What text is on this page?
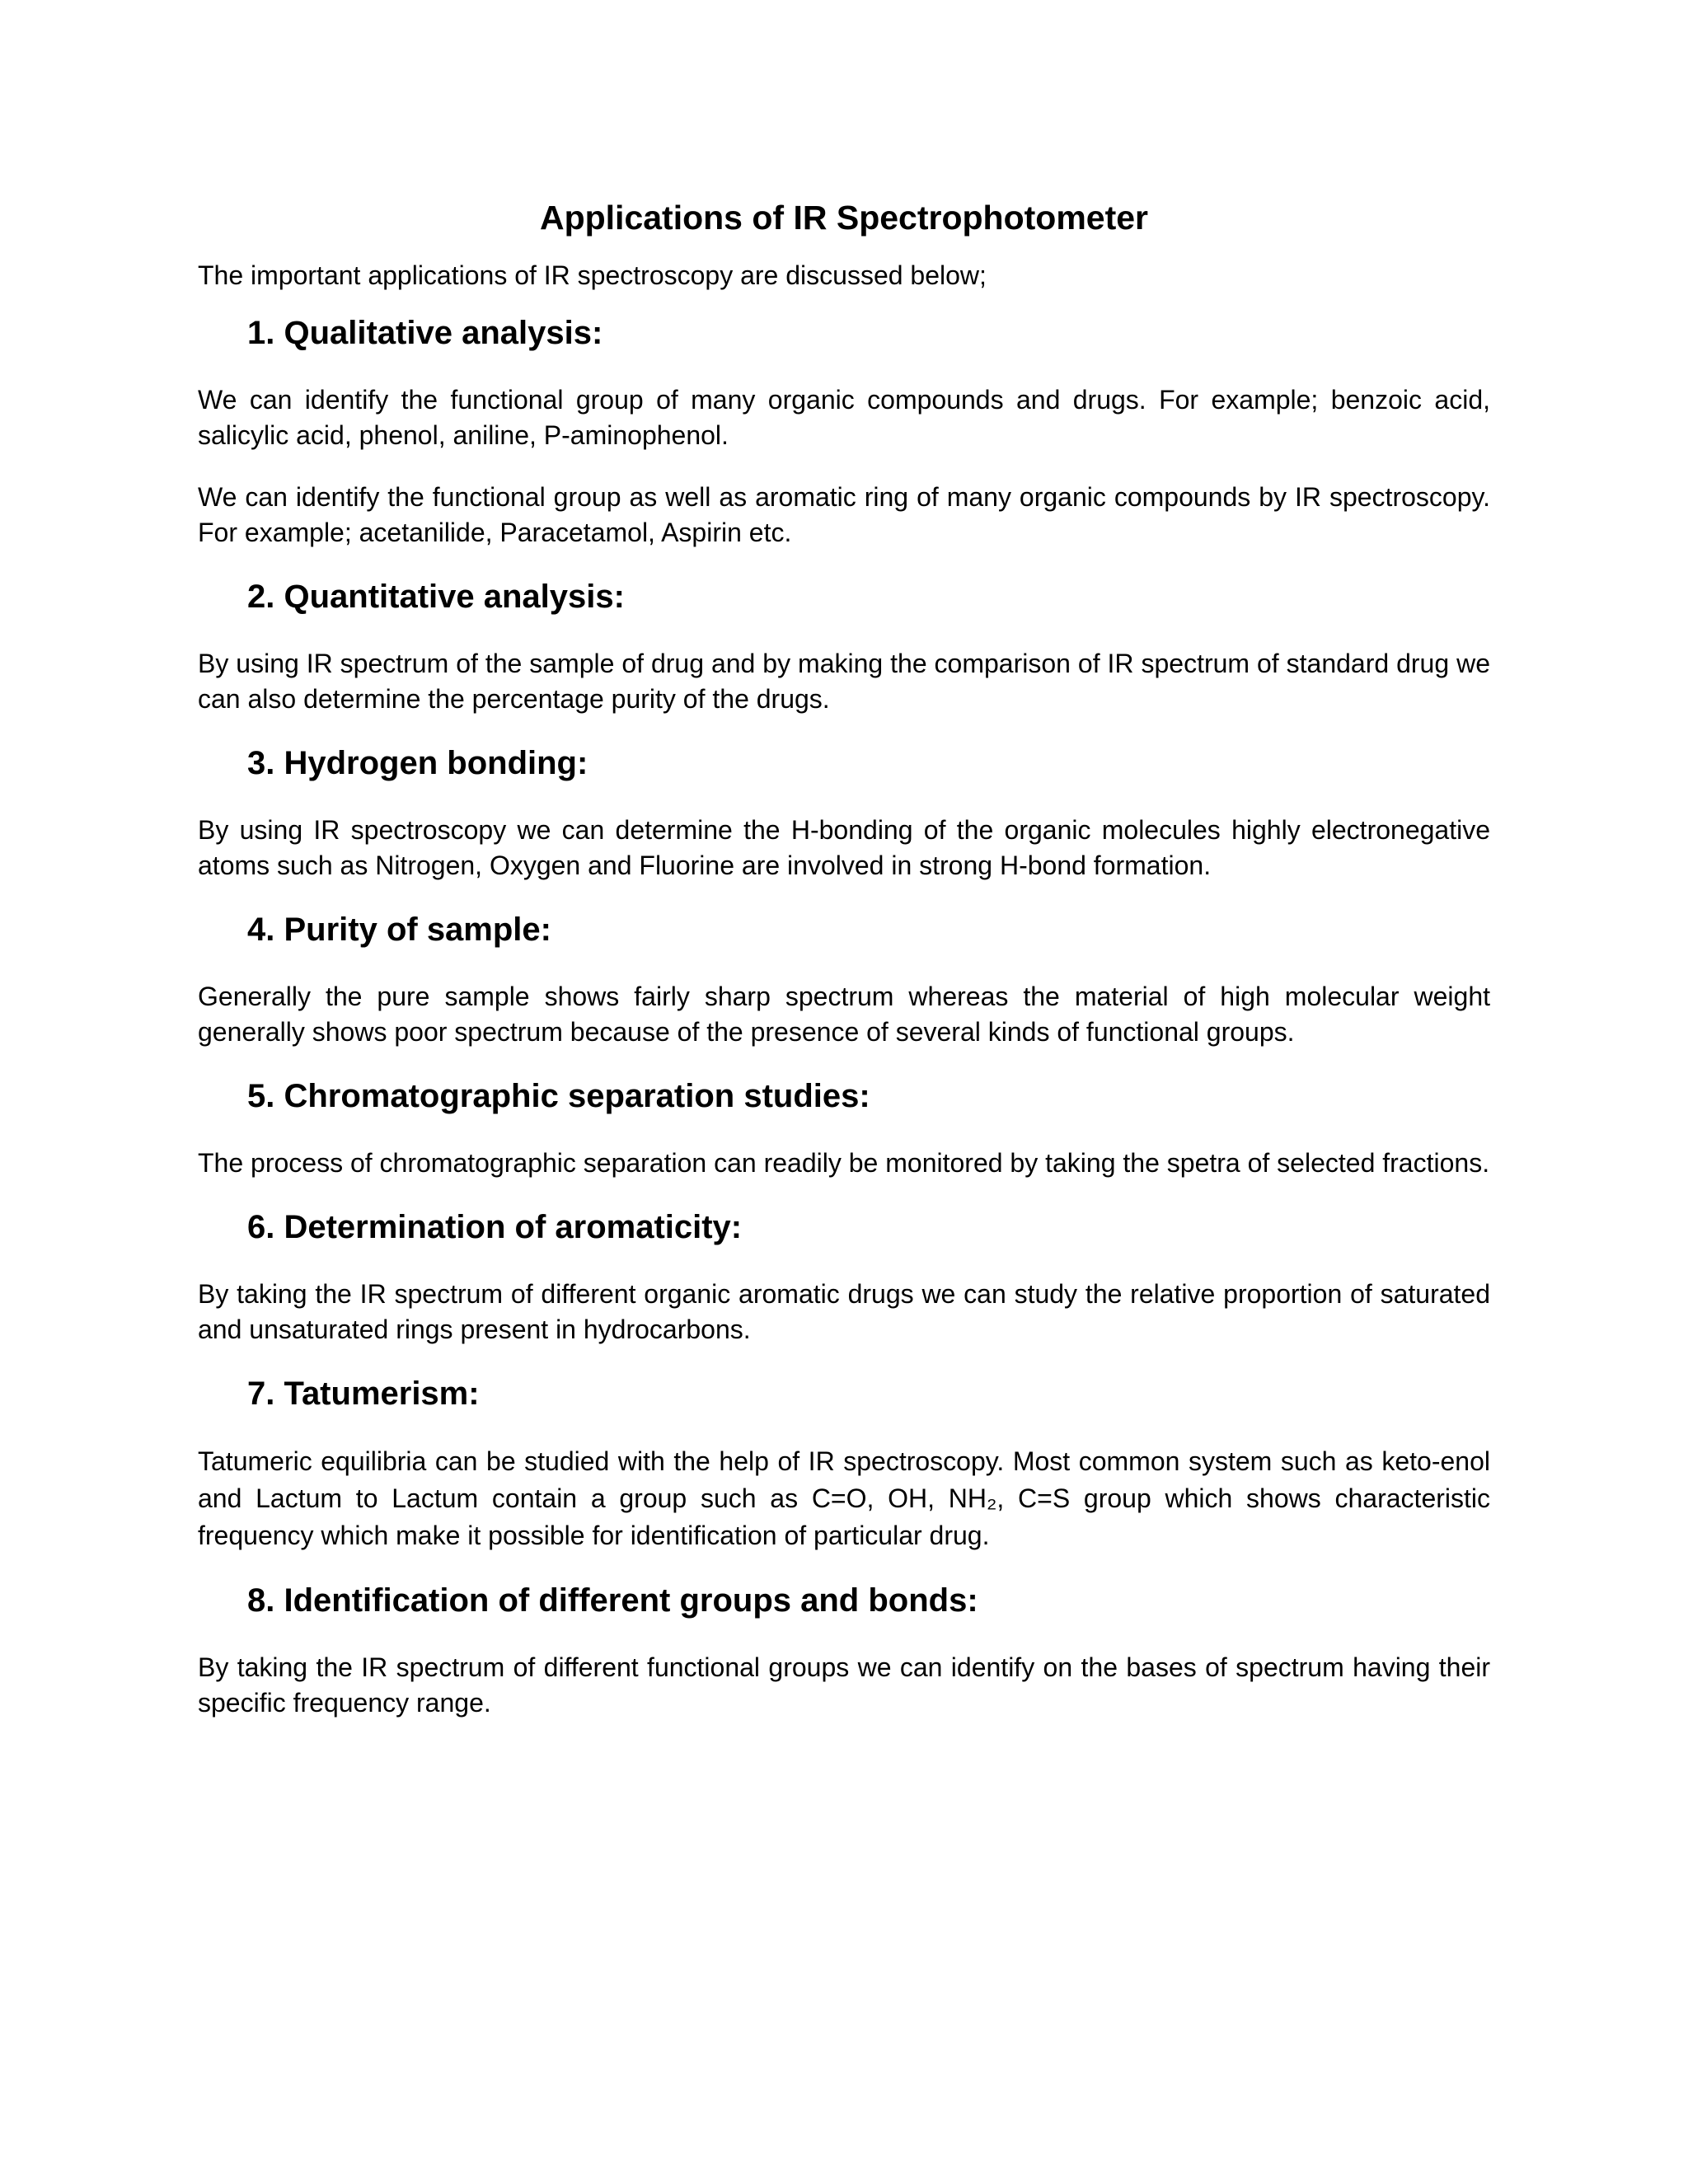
Applications of IR Spectrophotometer
The important applications of IR spectroscopy are discussed below;
1. Qualitative analysis:
We can identify the functional group of many organic compounds and drugs. For example; benzoic acid, salicylic acid, phenol, aniline, P-aminophenol.
We can identify the functional group as well as aromatic ring of many organic compounds by IR spectroscopy. For example; acetanilide, Paracetamol, Aspirin etc.
2. Quantitative analysis:
By using IR spectrum of the sample of drug and by making the comparison of IR spectrum of standard drug we can also determine the percentage purity of the drugs.
3. Hydrogen bonding:
By using IR spectroscopy we can determine the H-bonding of the organic molecules highly electronegative atoms such as Nitrogen, Oxygen and Fluorine are involved in strong H-bond formation.
4. Purity of sample:
Generally the pure sample shows fairly sharp spectrum whereas the material of high molecular weight generally shows poor spectrum because of the presence of several kinds of functional groups.
5. Chromatographic separation studies:
The process of chromatographic separation can readily be monitored by taking the spetra of selected fractions.
6. Determination of aromaticity:
By taking the IR spectrum of different organic aromatic drugs we can study the relative proportion of saturated and unsaturated rings present in hydrocarbons.
7. Tatumerism:
Tatumeric equilibria can be studied with the help of IR spectroscopy. Most common system such as keto-enol and Lactum to Lactum contain a group such as C=O, OH, NH₂, C=S group which shows characteristic frequency which make it possible for identification of particular drug.
8. Identification of different groups and bonds:
By taking the IR spectrum of different functional groups we can identify on the bases of spectrum having their specific frequency range.
